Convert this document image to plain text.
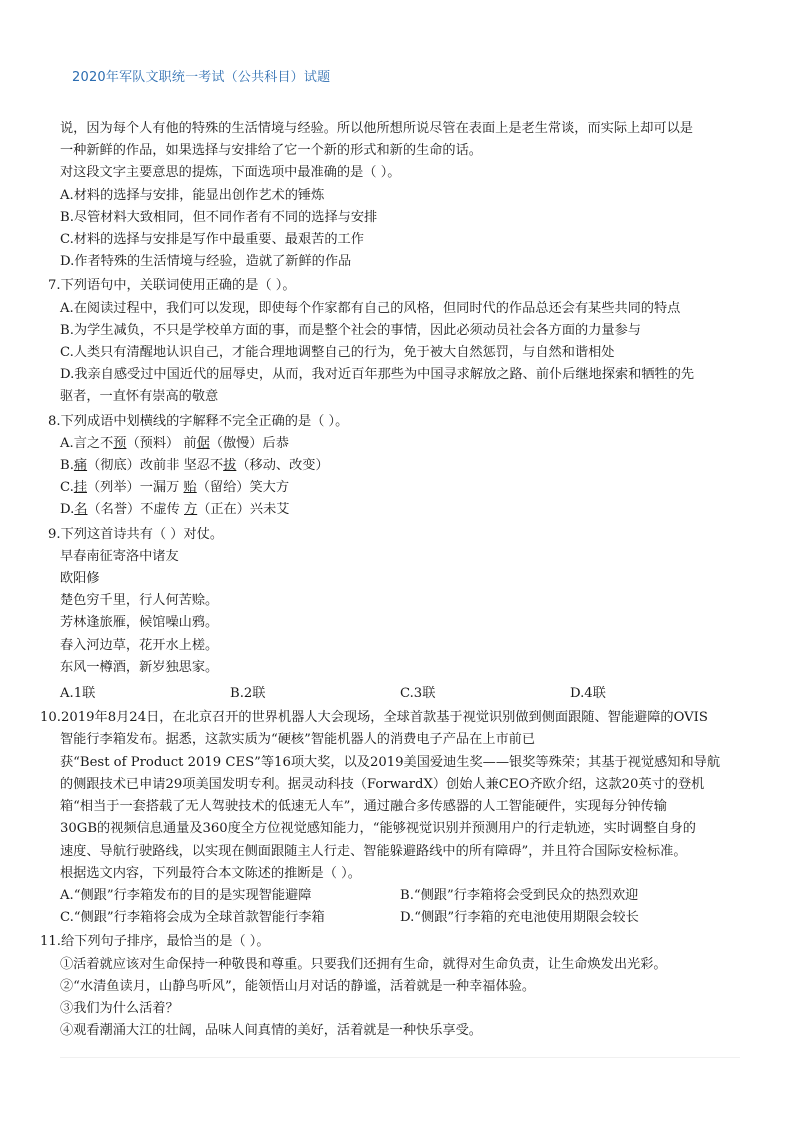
2020年军队文职统一考试（公共科目）试题
说，因为每个人有他的特殊的生活情境与经验。所以他所想所说尽管在表面上是老生常谈，而实际上却可以是
一种新鲜的作品，如果选择与安排给了它一个新的形式和新的生命的话。
对这段文字主要意思的提炼，下面选项中最准确的是（ ）。
A.材料的选择与安排，能显出创作艺术的锤炼
B.尽管材料大致相同，但不同作者有不同的选择与安排
C.材料的选择与安排是写作中最重要、最艰苦的工作
D.作者特殊的生活情境与经验，造就了新鲜的作品
7.下列语句中，关联词使用正确的是（ ）。
A.在阅读过程中，我们可以发现，即使每个作家都有自己的风格，但同时代的作品总还会有某些共同的特点
B.为学生减负，不只是学校单方面的事，而是整个社会的事情，因此必须动员社会各方面的力量参与
C.人类只有清醒地认识自己，才能合理地调整自己的行为，免于被大自然惩罚，与自然和谐相处
D.我亲自感受过中国近代的屈辱史，从而，我对近百年那些为中国寻求解放之路、前仆后继地探索和牺牲的先
驱者，一直怀有崇高的敬意
8.下列成语中划横线的字解释不完全正确的是（ ）。
A.言之不预（预料） 前倨（傲慢）后恭
B.痛（彻底）改前非 坚忍不拔（移动、改变）
C.挂（列举）一漏万 贻（留给）笑大方
D.名（名誉）不虚传 方（正在）兴未艾
9.下列这首诗共有（ ）对仗。
早春南征寄洛中诸友
欧阳修
楚色穷千里，行人何苦赊。
芳林逢旅雁，候馆噪山鸦。
春入河边草，花开水上槎。
东风一樽酒，新岁独思家。
A.1联	B.2联	C.3联	D.4联
10.2019年8月24日，在北京召开的世界机器人大会现场，全球首款基于视觉识别做到侧面跟随、智能避障的OVIS
智能行李箱发布。据悉，这款实质为“硬核”智能机器人的消费电子产品在上市前已
获“Best of Product 2019 CES”等16项大奖，以及2019美国爱迪生奖——银奖等殊荣；其基于视觉感知和导航
的侧跟技术已申请29项美国发明专利。据灵动科技（ForwardX）创始人兼CEO齐欧介绍，这款20英寸的登机
箱“相当于一套搭载了无人驾驶技术的低速无人车”，通过融合多传感器的人工智能硬件，实现每分钟传输
30GB的视频信息通量及360度全方位视觉感知能力，“能够视觉识别并预测用户的行走轨迹，实时调整自身的
速度、导航行驶路线，以实现在侧面跟随主人行走、智能躲避路线中的所有障碍”，并且符合国际安检标准。
根据选文内容，下列最符合本文陈述的推断是（ ）。
A.“侧跟”行李箱发布的目的是实现智能避障	B.“侧跟”行李箱将会受到民众的热烈欢迎
C.“侧跟”行李箱将会成为全球首款智能行李箱	D.“侧跟”行李箱的充电池使用期限会较长
11.给下列句子排序，最恰当的是（ ）。
①活着就应该对生命保持一种敬畏和尊重。只要我们还拥有生命，就得对生命负责，让生命焕发出光彩。
②“水清鱼读月，山静鸟听风”，能领悟山月对话的静谧，活着就是一种幸福体验。
③我们为什么活着？
④观看潮涌大江的壮阔，品味人间真情的美好，活着就是一种快乐享受。
